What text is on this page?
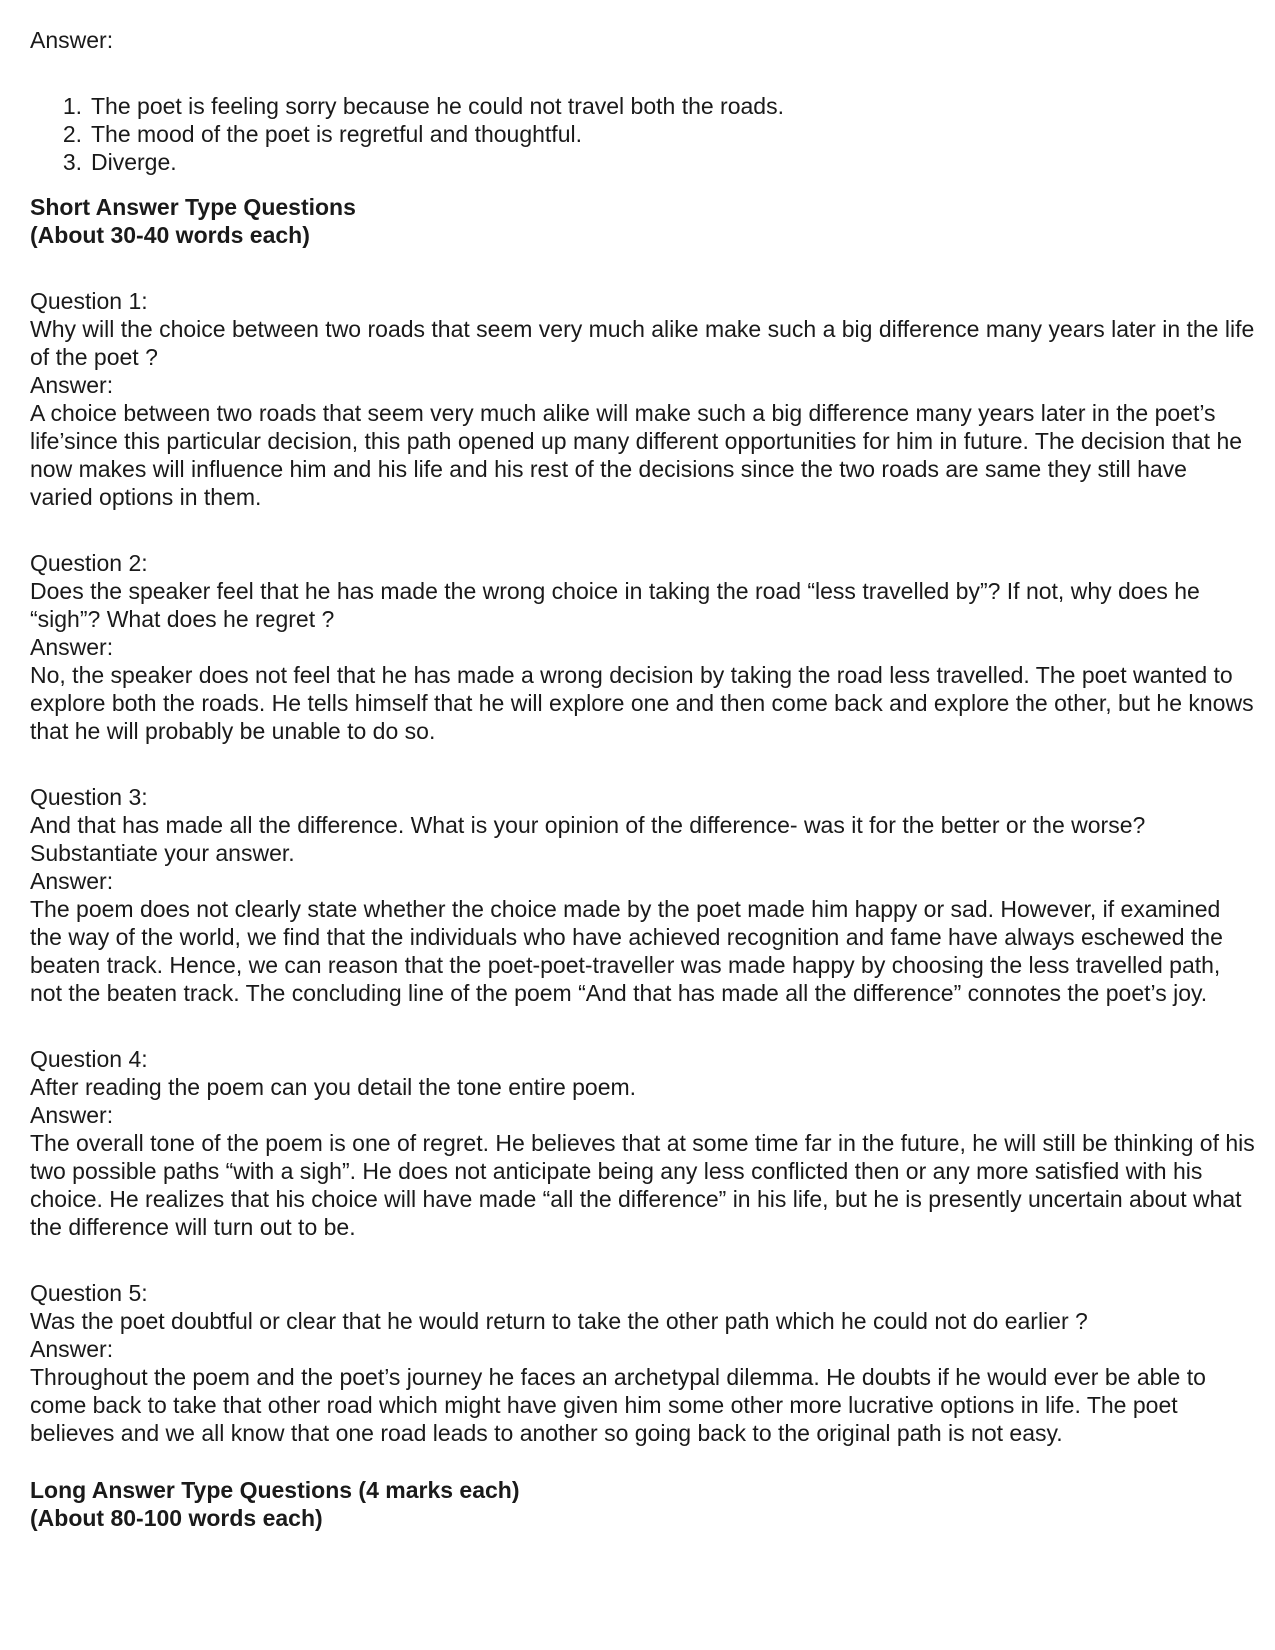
Answer:

1. The poet is feeling sorry because he could not travel both the roads.
2. The mood of the poet is regretful and thoughtful.
3. Diverge.

Short Answer Type Questions

(About 30-40 words each)

Question 1:

Why will the choice between two roads that seem very much alike make such a big difference many years later in the life of the poet ?

Answer:

A choice between two roads that seem very much alike will make such a big difference many years later in the poet’s life’since this particular decision, this path opened up many different opportunities for him in future. The decision that he now makes will influence him and his life and his rest of the decisions since the two roads are same they still have varied options in them.

Question 2:

Does the speaker feel that he has made the wrong choice in taking the road “less travelled by”? If not, why does he “sigh”? What does he regret ?

Answer:

No, the speaker does not feel that he has made a wrong decision by taking the road less travelled. The poet wanted to explore both the roads. He tells himself that he will explore one and then come back and explore the other, but he knows that he will probably be unable to do so.

Question 3:

And that has made all the difference. What is your opinion of the difference- was it for the better or the worse? Substantiate your answer.

Answer:

The poem does not clearly state whether the choice made by the poet made him happy or sad. However, if examined the way of the world, we find that the individuals who have achieved recognition and fame have always eschewed the beaten track. Hence, we can reason that the poet-poet-traveller was made happy by choosing the less travelled path, not the beaten track. The concluding line of the poem “And that has made all the difference” connotes the poet’s joy.

Question 4:

After reading the poem can you detail the tone entire poem.

Answer:

The overall tone of the poem is one of regret. He believes that at some time far in the future, he will still be thinking of his two possible paths “with a sigh”. He does not anticipate being any less conflicted then or any more satisfied with his choice. He realizes that his choice will have made “all the difference” in his life, but he is presently uncertain about what the difference will turn out to be.

Question 5:

Was the poet doubtful or clear that he would return to take the other path which he could not do earlier ?

Answer:

Throughout the poem and the poet’s journey he faces an archetypal dilemma. He doubts if he would ever be able to come back to take that other road which might have given him some other more lucrative options in life. The poet believes and we all know that one road leads to another so going back to the original path is not easy.

Long Answer Type Questions (4 marks each)

(About 80-100 words each)
